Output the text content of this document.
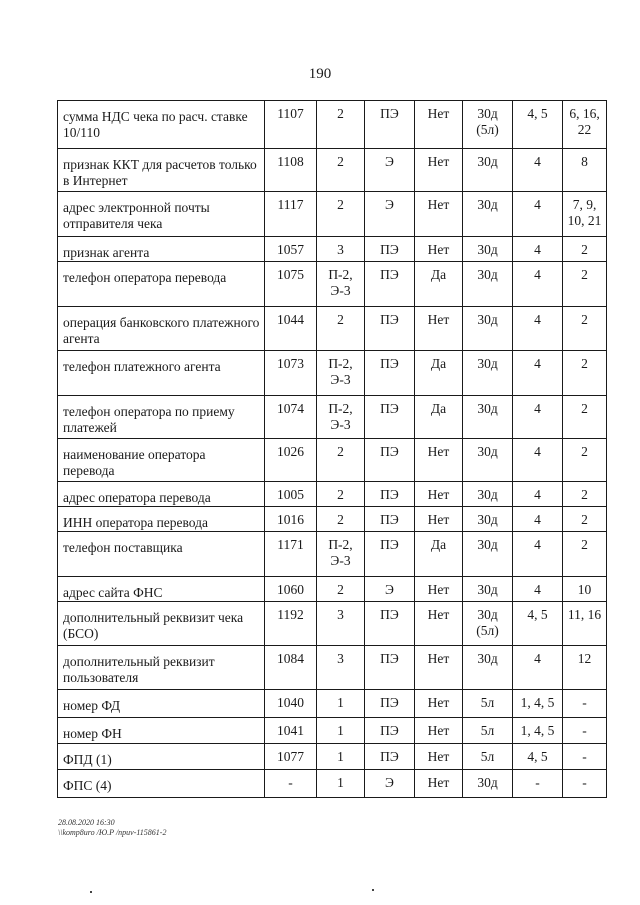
190
сумма НДС чека по расч. ставке 10/110	1107	2	ПЭ	Нет	30д (5л)	4, 5	6, 16, 22
признак ККТ для расчетов только в Интернет	1108	2	Э	Нет	30д	4	8
адрес электронной почты отправителя чека	1117	2	Э	Нет	30д	4	7, 9, 10, 21
признак агента	1057	3	ПЭ	Нет	30д	4	2
телефон оператора перевода	1075	П-2, Э-3	ПЭ	Да	30д	4	2
операция банковского платежного агента	1044	2	ПЭ	Нет	30д	4	2
телефон платежного агента	1073	П-2, Э-3	ПЭ	Да	30д	4	2
телефон оператора по приему платежей	1074	П-2, Э-3	ПЭ	Да	30д	4	2
наименование оператора перевода	1026	2	ПЭ	Нет	30д	4	2
адрес оператора перевода	1005	2	ПЭ	Нет	30д	4	2
ИНН оператора перевода	1016	2	ПЭ	Нет	30д	4	2
телефон поставщика	1171	П-2, Э-3	ПЭ	Да	30д	4	2
адрес сайта ФНС	1060	2	Э	Нет	30д	4	10
дополнительный реквизит чека (БСО)	1192	3	ПЭ	Нет	30д (5л)	4, 5	11, 16
дополнительный реквизит пользователя	1084	3	ПЭ	Нет	30д	4	12
номер ФД	1040	1	ПЭ	Нет	5л	1, 4, 5	-
номер ФН	1041	1	ПЭ	Нет	5л	1, 4, 5	-
ФПД (1)	1077	1	ПЭ	Нет	5л	4, 5	-
ФПС (4)	-	1	Э	Нет	30д	-	-
28.08.2020 16:30
\\komp8uro /Ю.Р /npuv-115861-2
